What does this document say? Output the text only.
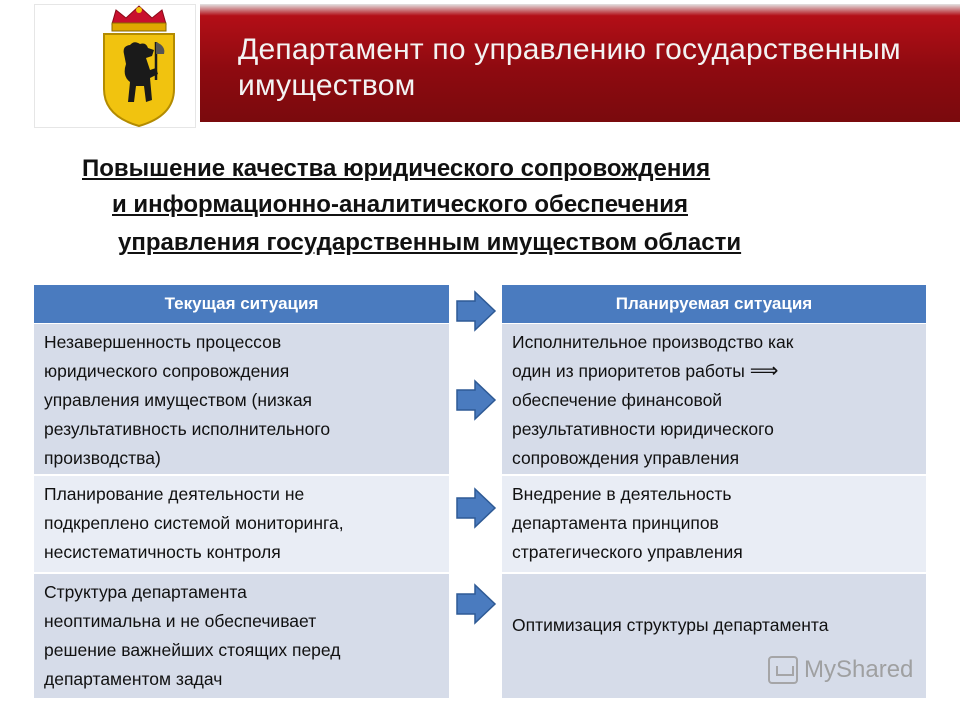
Департамент по управлению государственным
имуществом
Повышение качества юридического сопровождения
и информационно-аналитического обеспечения
управления государственным имуществом области
Текущая ситуация	Планируемая ситуация
Незавершенность процессов
юридического сопровождения
управления имуществом (низкая
результативность исполнительного
производства)
Исполнительное производство как
один из приоритетов работы ⟹
обеспечение финансовой
результативности юридического
сопровождения управления
Планирование деятельности не
подкреплено системой мониторинга,
несистематичность контроля
Внедрение в деятельность
департамента принципов
стратегического управления
Структура департамента
неоптимальна и не обеспечивает
решение важнейших стоящих перед
департаментом задач
Оптимизация структуры департамента
MyShared
